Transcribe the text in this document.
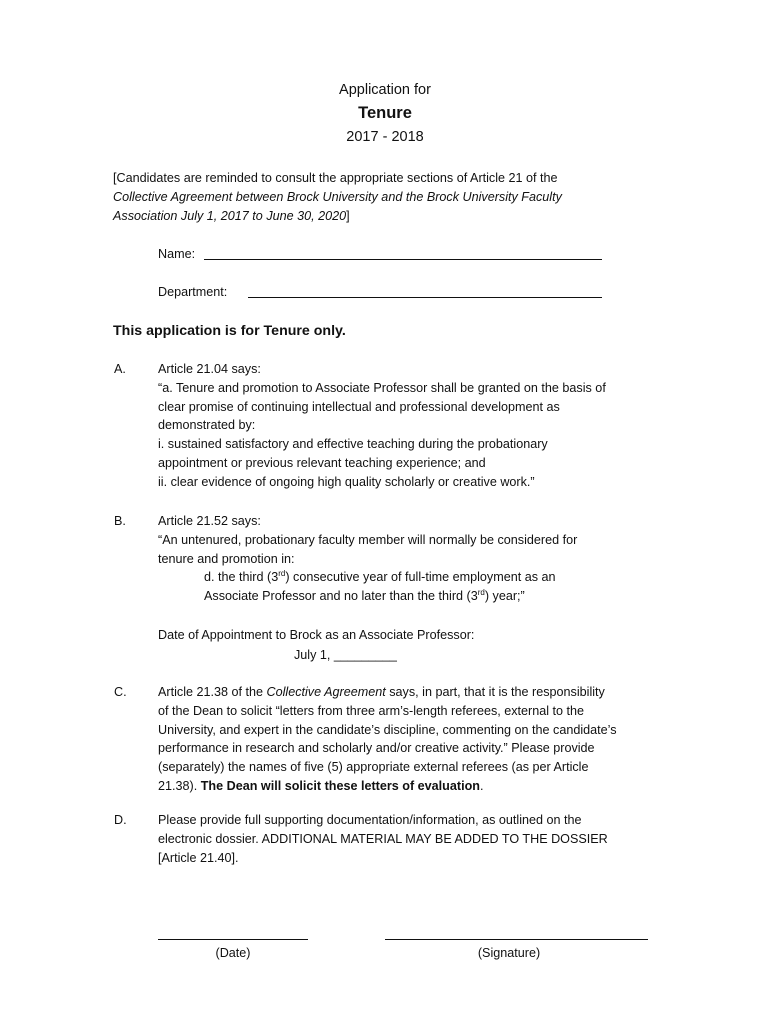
Application for
Tenure
2017 - 2018
[Candidates are reminded to consult the appropriate sections of Article 21 of the
Collective Agreement between Brock University and the Brock University Faculty
Association July 1, 2017 to June 30, 2020]
Name:
Department:
This application is for Tenure only.
A.	Article 21.04 says:
“a. Tenure and promotion to Associate Professor shall be granted on the basis of
clear promise of continuing intellectual and professional development as
demonstrated by:
i. sustained satisfactory and effective teaching during the probationary
appointment or previous relevant teaching experience; and
ii. clear evidence of ongoing high quality scholarly or creative work.”
B.	Article 21.52 says:
“An untenured, probationary faculty member will normally be considered for
tenure and promotion in:
d. the third (3rd) consecutive year of full-time employment as an
Associate Professor and no later than the third (3rd) year;”
Date of Appointment to Brock as an Associate Professor:
July 1, _________
C. Article 21.38 of the Collective Agreement says, in part, that it is the responsibility
of the Dean to solicit “letters from three arm’s-length referees, external to the
University, and expert in the candidate’s discipline, commenting on the candidate’s
performance in research and scholarly and/or creative activity.” Please provide
(separately) the names of five (5) appropriate external referees (as per Article
21.38). The Dean will solicit these letters of evaluation.
D. Please provide full supporting documentation/information, as outlined on the
electronic dossier. ADDITIONAL MATERIAL MAY BE ADDED TO THE DOSSIER
[Article 21.40].
(Date)	(Signature)
